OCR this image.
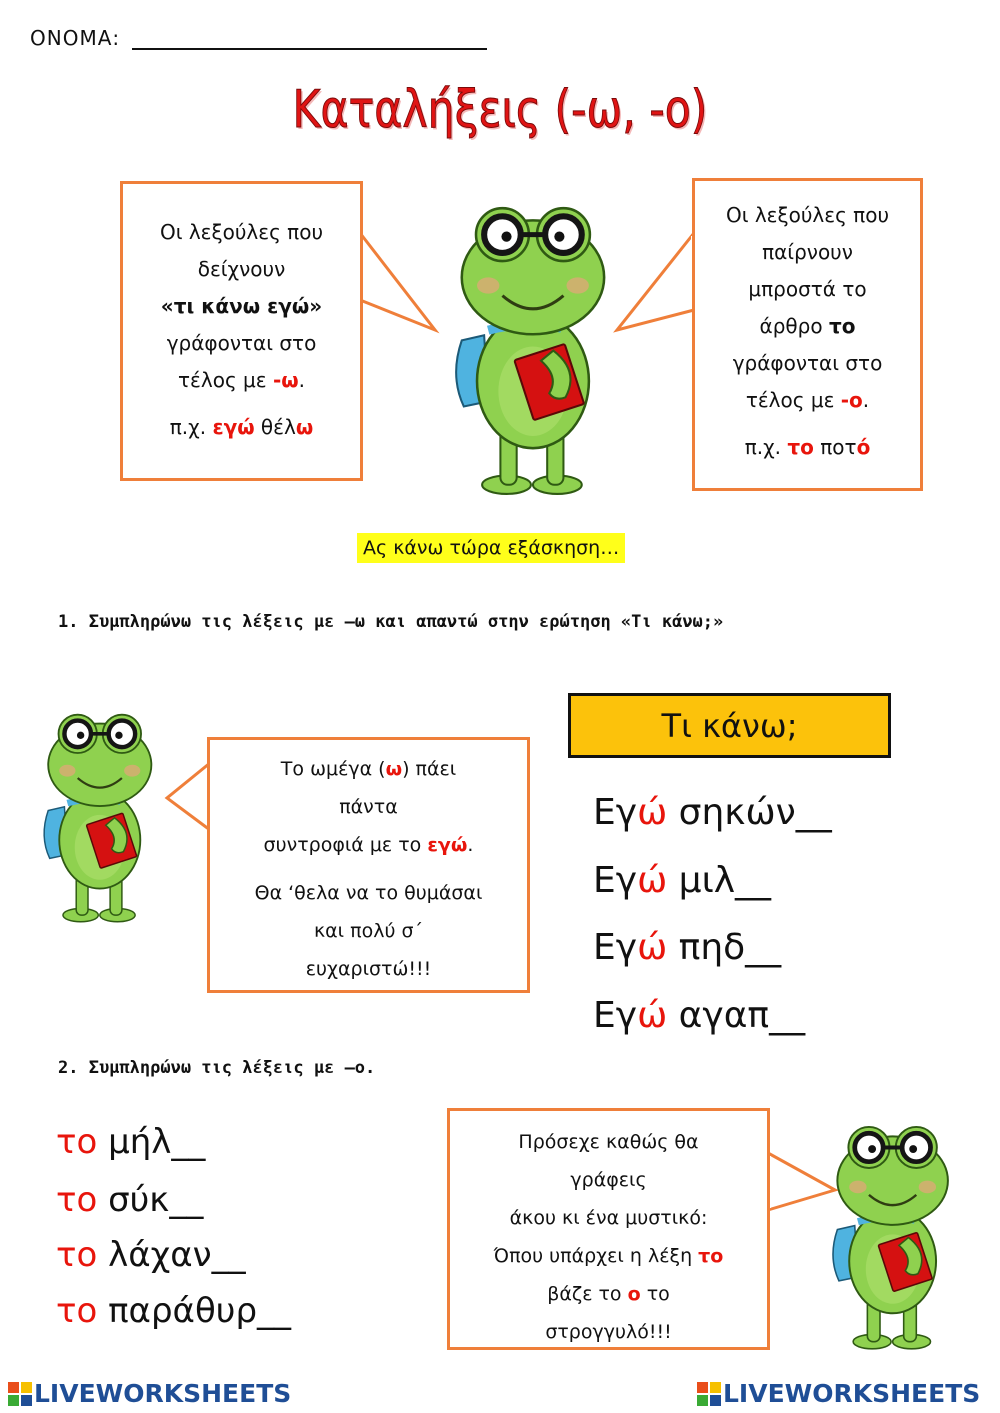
ΟΝΟΜΑ:
Καταλήξεις (-ω, -ο)

Οι λεξούλες που

δείχνουν

«τι κάνω εγώ»

γράφονται στο

τέλος με -ω.

π.χ. εγώ θέλω

Οι λεξούλες που

παίρνουν

μπροστά το

άρθρο το

γράφονται στο

τέλος με -ο.

π.χ. το ποτό

Ας κάνω τώρα εξάσκηση…
1. Συμπληρώνω τις λέξεις με –ω και απαντώ στην ερώτηση «Τι κάνω;»

Το ωμέγα (ω) πάει

πάντα

συντροφιά με το εγώ.

Θα ‘θελα να το θυμάσαι

και πολύ σ΄

ευχαριστώ!!!

Τι κάνω;
Εγώ σηκών__
Εγώ μιλ__
Εγώ πηδ__
Εγώ αγαπ__
2. Συμπληρώνω τις λέξεις με –ο.
το μήλ__
το σύκ__
το λάχαν__
το παράθυρ__

Πρόσεχε καθώς θα

γράφεις

άκου κι ένα μυστικό:

Όπου υπάρχει η λέξη το

βάζε το ο το

στρογγυλό!!!

LIVEWORKSHEETS	LIVEWORKSHEETS
